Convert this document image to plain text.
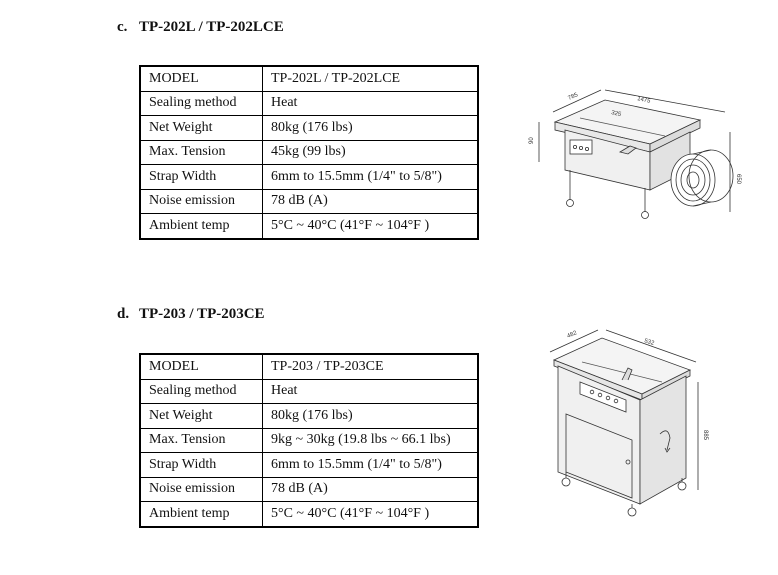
c. TP-202L / TP-202LCE
MODEL	TP-202L / TP-202LCE
Sealing method	Heat
Net Weight	80kg (176 lbs)
Max. Tension	45kg (99 lbs)
Strap Width	6mm to 15.5mm (1/4" to 5/8")
Noise emission	78 dB (A)
Ambient temp	5°C ~ 40°C (41°F ~ 104°F )
785	1475
650
90
325
d. TP-203 / TP-203CE
MODEL	TP-203 / TP-203CE
Sealing method	Heat
Net Weight	80kg (176 lbs)
Max. Tension	9kg ~ 30kg (19.8 lbs ~ 66.1 lbs)
Strap Width	6mm to 15.5mm (1/4" to 5/8")
Noise emission	78 dB (A)
Ambient temp	5°C ~ 40°C (41°F ~ 104°F )
482
532
885
